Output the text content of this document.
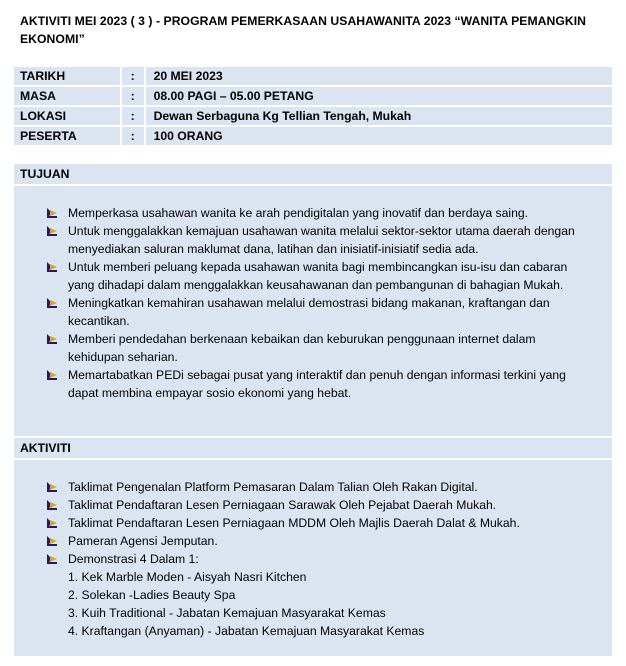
AKTIVITI MEI 2023 ( 3 ) - PROGRAM PEMERKASAAN USAHAWANITA 2023 “WANITA PEMANGKIN EKONOMI”
TARIKH	:	20 MEI 2023
MASA	:	08.00 PAGI – 05.00 PETANG
LOKASI	:	Dewan Serbaguna Kg Tellian Tengah, Mukah
PESERTA	:	100 ORANG
TUJUAN
Memperkasa usahawan wanita ke arah pendigitalan yang inovatif dan berdaya saing.
Untuk menggalakkan kemajuan usahawan wanita melalui sektor-sektor utama daerah dengan menyediakan saluran maklumat dana, latihan dan inisiatif-inisiatif sedia ada.
Untuk memberi peluang kepada usahawan wanita bagi membincangkan isu-isu dan cabaran yang dihadapi dalam menggalakkan keusahawanan dan pembangunan di bahagian Mukah.
Meningkatkan kemahiran usahawan melalui demostrasi bidang makanan, kraftangan dan kecantikan.
Memberi pendedahan berkenaan kebaikan dan keburukan penggunaan internet dalam kehidupan seharian.
Memartabatkan PEDi sebagai pusat yang interaktif dan penuh dengan informasi terkini yang dapat membina empayar sosio ekonomi yang hebat.
AKTIVITI
Taklimat Pengenalan Platform Pemasaran Dalam Talian Oleh Rakan Digital.
Taklimat Pendaftaran Lesen Perniagaan Sarawak Oleh Pejabat Daerah Mukah.
Taklimat Pendaftaran Lesen Perniagaan MDDM Oleh Majlis Daerah Dalat & Mukah.
Pameran Agensi Jemputan.
Demonstrasi 4 Dalam 1:
1. Kek Marble Moden - Aisyah Nasri Kitchen
2. Solekan -Ladies Beauty Spa
3. Kuih Traditional - Jabatan Kemajuan Masyarakat Kemas
4. Kraftangan (Anyaman) - Jabatan Kemajuan Masyarakat Kemas
